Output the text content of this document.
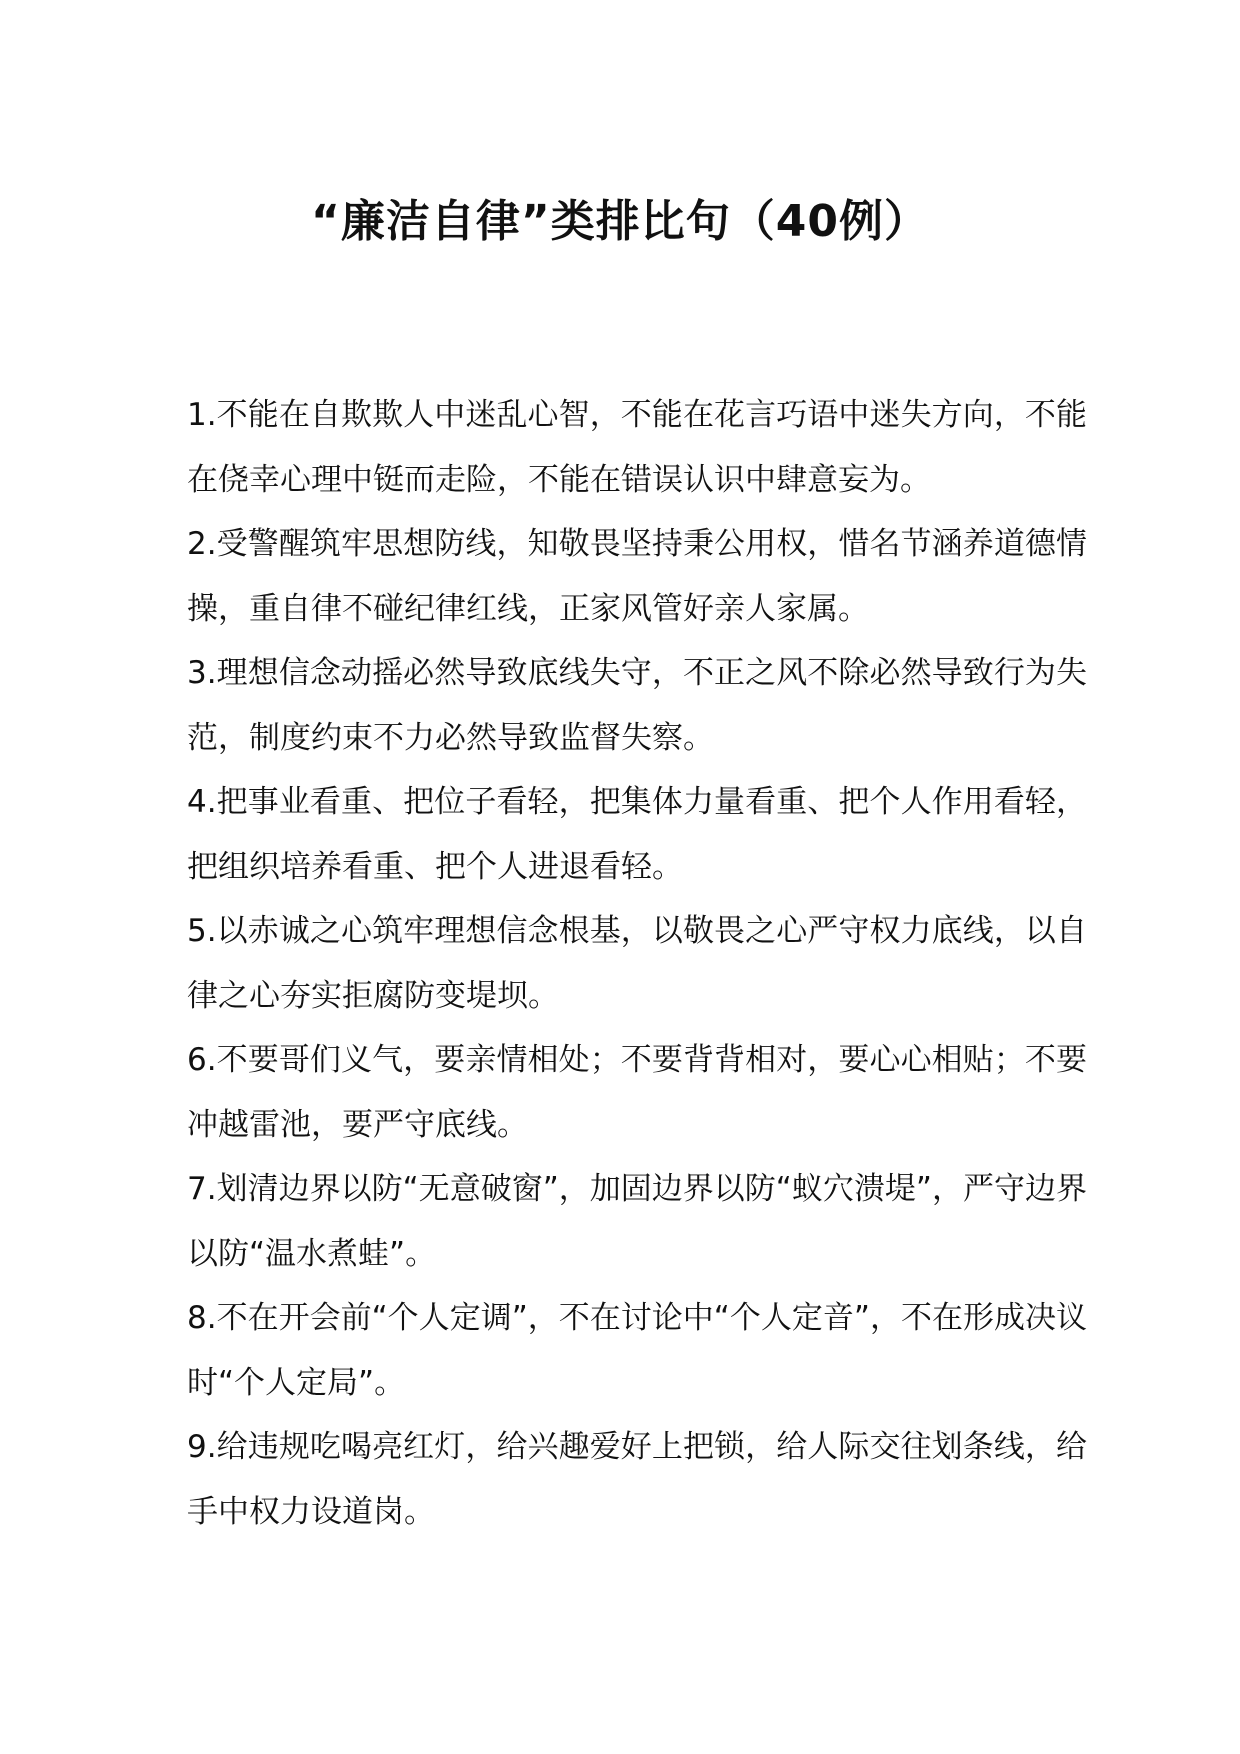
“廉洁自律”类排比句（40例）
1.不能在自欺欺人中迷乱心智，不能在花言巧语中迷失方向，不能在侥幸心理中铤而走险，不能在错误认识中肆意妄为。
2.受警醒筑牢思想防线，知敬畏坚持秉公用权，惜名节涵养道德情操，重自律不碰纪律红线，正家风管好亲人家属。
3.理想信念动摇必然导致底线失守，不正之风不除必然导致行为失范，制度约束不力必然导致监督失察。
4.把事业看重、把位子看轻，把集体力量看重、把个人作用看轻，把组织培养看重、把个人进退看轻。
5.以赤诚之心筑牢理想信念根基，以敬畏之心严守权力底线，以自律之心夯实拒腐防变堤坝。
6.不要哥们义气，要亲情相处；不要背背相对，要心心相贴；不要冲越雷池，要严守底线。
7.划清边界以防“无意破窗”，加固边界以防“蚁穴溃堤”，严守边界以防“温水煮蛙”。
8.不在开会前“个人定调”，不在讨论中“个人定音”，不在形成决议时“个人定局”。
9.给违规吃喝亮红灯，给兴趣爱好上把锁，给人际交往划条线，给手中权力设道岗。
